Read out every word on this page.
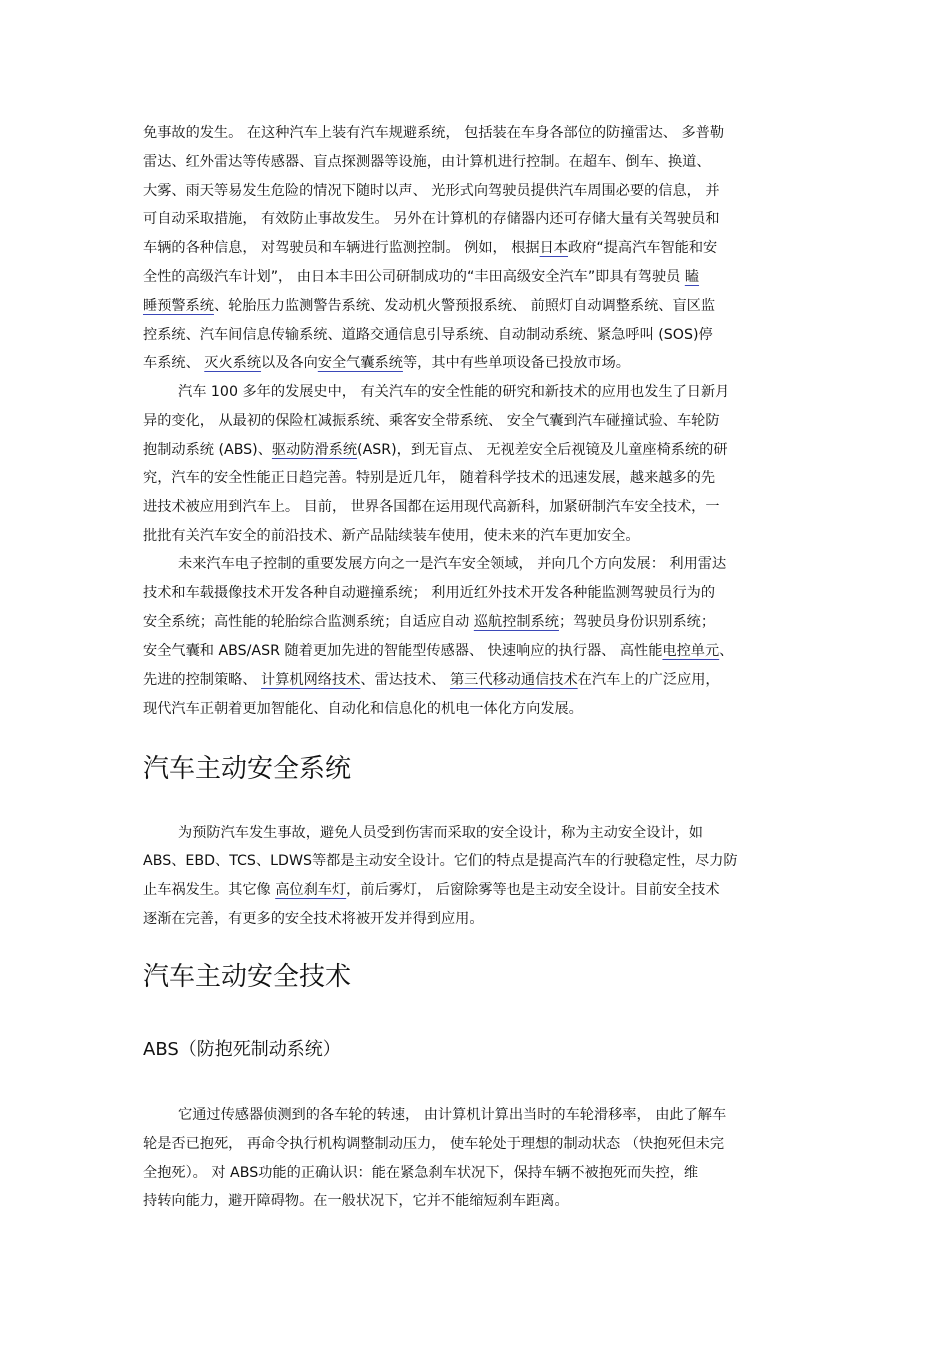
免事故的发生。 在这种汽车上装有汽车规避系统， 包括装在车身各部位的防撞雷达、 多普勒
雷达、红外雷达等传感器、盲点探测器等设施，由计算机进行控制。在超车、倒车、换道、
大雾、雨天等易发生危险的情况下随时以声、 光形式向驾驶员提供汽车周围必要的信息， 并
可自动采取措施， 有效防止事故发生。 另外在计算机的存储器内还可存储大量有关驾驶员和
车辆的各种信息， 对驾驶员和车辆进行监测控制。 例如， 根据日本政府“提高汽车智能和安
全性的高级汽车计划”， 由日本丰田公司研制成功的“丰田高级安全汽车”即具有驾驶员 瞌
睡预警系统、轮胎压力监测警告系统、发动机火警预报系统、 前照灯自动调整系统、盲区监
控系统、汽车间信息传输系统、道路交通信息引导系统、自动制动系统、紧急呼叫 (SOS)停
车系统、 灭火系统以及各向安全气囊系统等，其中有些单项设备已投放市场。
汽车 100 多年的发展史中， 有关汽车的安全性能的研究和新技术的应用也发生了日新月
异的变化， 从最初的保险杠减振系统、乘客安全带系统、 安全气囊到汽车碰撞试验、车轮防
抱制动系统 (ABS)、驱动防滑系统(ASR)，到无盲点、 无视差安全后视镜及儿童座椅系统的研
究，汽车的安全性能正日趋完善。特别是近几年， 随着科学技术的迅速发展，越来越多的先
进技术被应用到汽车上。 目前， 世界各国都在运用现代高新科，加紧研制汽车安全技术，一
批批有关汽车安全的前沿技术、新产品陆续装车使用，使未来的汽车更加安全。
未来汽车电子控制的重要发展方向之一是汽车安全领域， 并向几个方向发展： 利用雷达
技术和车载摄像技术开发各种自动避撞系统； 利用近红外技术开发各种能监测驾驶员行为的
安全系统；高性能的轮胎综合监测系统；自适应自动 巡航控制系统；驾驶员身份识别系统；
安全气囊和 ABS/ASR 随着更加先进的智能型传感器、 快速响应的执行器、 高性能电控单元、
先进的控制策略、 计算机网络技术、雷达技术、 第三代移动通信技术在汽车上的广泛应用，
现代汽车正朝着更加智能化、自动化和信息化的机电一体化方向发展。
汽车主动安全系统
为预防汽车发生事故，避免人员受到伤害而采取的安全设计，称为主动安全设计，如
ABS、EBD、TCS、LDWS等都是主动安全设计。它们的特点是提高汽车的行驶稳定性，尽力防
止车祸发生。其它像 高位刹车灯，前后雾灯， 后窗除雾等也是主动安全设计。目前安全技术
逐渐在完善，有更多的安全技术将被开发并得到应用。
汽车主动安全技术
ABS（防抱死制动系统）
它通过传感器侦测到的各车轮的转速， 由计算机计算出当时的车轮滑移率， 由此了解车
轮是否已抱死， 再命令执行机构调整制动压力， 使车轮处于理想的制动状态 （快抱死但未完
全抱死）。 对 ABS功能的正确认识：能在紧急刹车状况下，保持车辆不被抱死而失控，维
持转向能力，避开障碍物。在一般状况下，它并不能缩短刹车距离。
